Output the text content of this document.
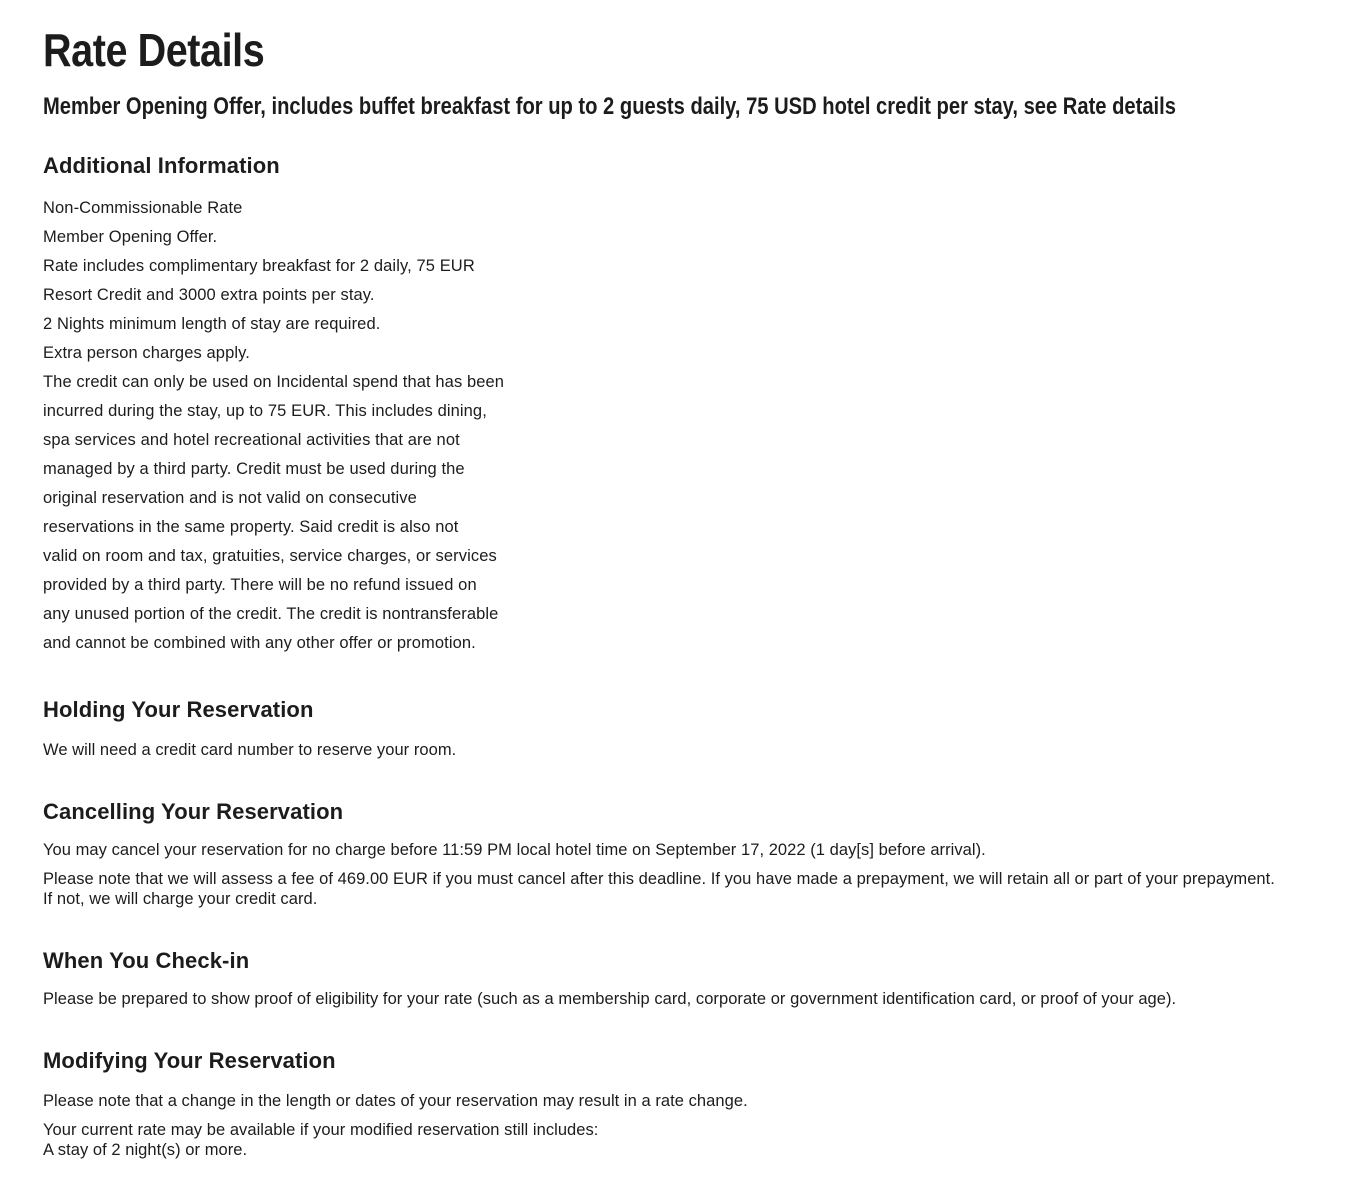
Rate Details
Member Opening Offer, includes buffet breakfast for up to 2 guests daily, 75 USD hotel credit per stay, see Rate details
Additional Information
Non-Commissionable Rate
Member Opening Offer.
Rate includes complimentary breakfast for 2 daily, 75 EUR
Resort Credit and 3000 extra points per stay.
2 Nights minimum length of stay are required.
Extra person charges apply.
The credit can only be used on Incidental spend that has been
incurred during the stay, up to 75 EUR. This includes dining,
spa services and hotel recreational activities that are not
managed by a third party. Credit must be used during the
original reservation and is not valid on consecutive
reservations in the same property. Said credit is also not
valid on room and tax, gratuities, service charges, or services
provided by a third party. There will be no refund issued on
any unused portion of the credit. The credit is nontransferable
and cannot be combined with any other offer or promotion.
Holding Your Reservation

We will need a credit card number to reserve your room.

Cancelling Your Reservation

You may cancel your reservation for no charge before 11:59 PM local hotel time on September 17, 2022 (1 day[s] before arrival).

Please note that we will assess a fee of 469.00 EUR if you must cancel after this deadline. If you have made a prepayment, we will retain all or part of your prepayment.

If not, we will charge your credit card.

When You Check-in

Please be prepared to show proof of eligibility for your rate (such as a membership card, corporate or government identification card, or proof of your age).

Modifying Your Reservation

Please note that a change in the length or dates of your reservation may result in a rate change.

Your current rate may be available if your modified reservation still includes:

A stay of 2 night(s) or more.
